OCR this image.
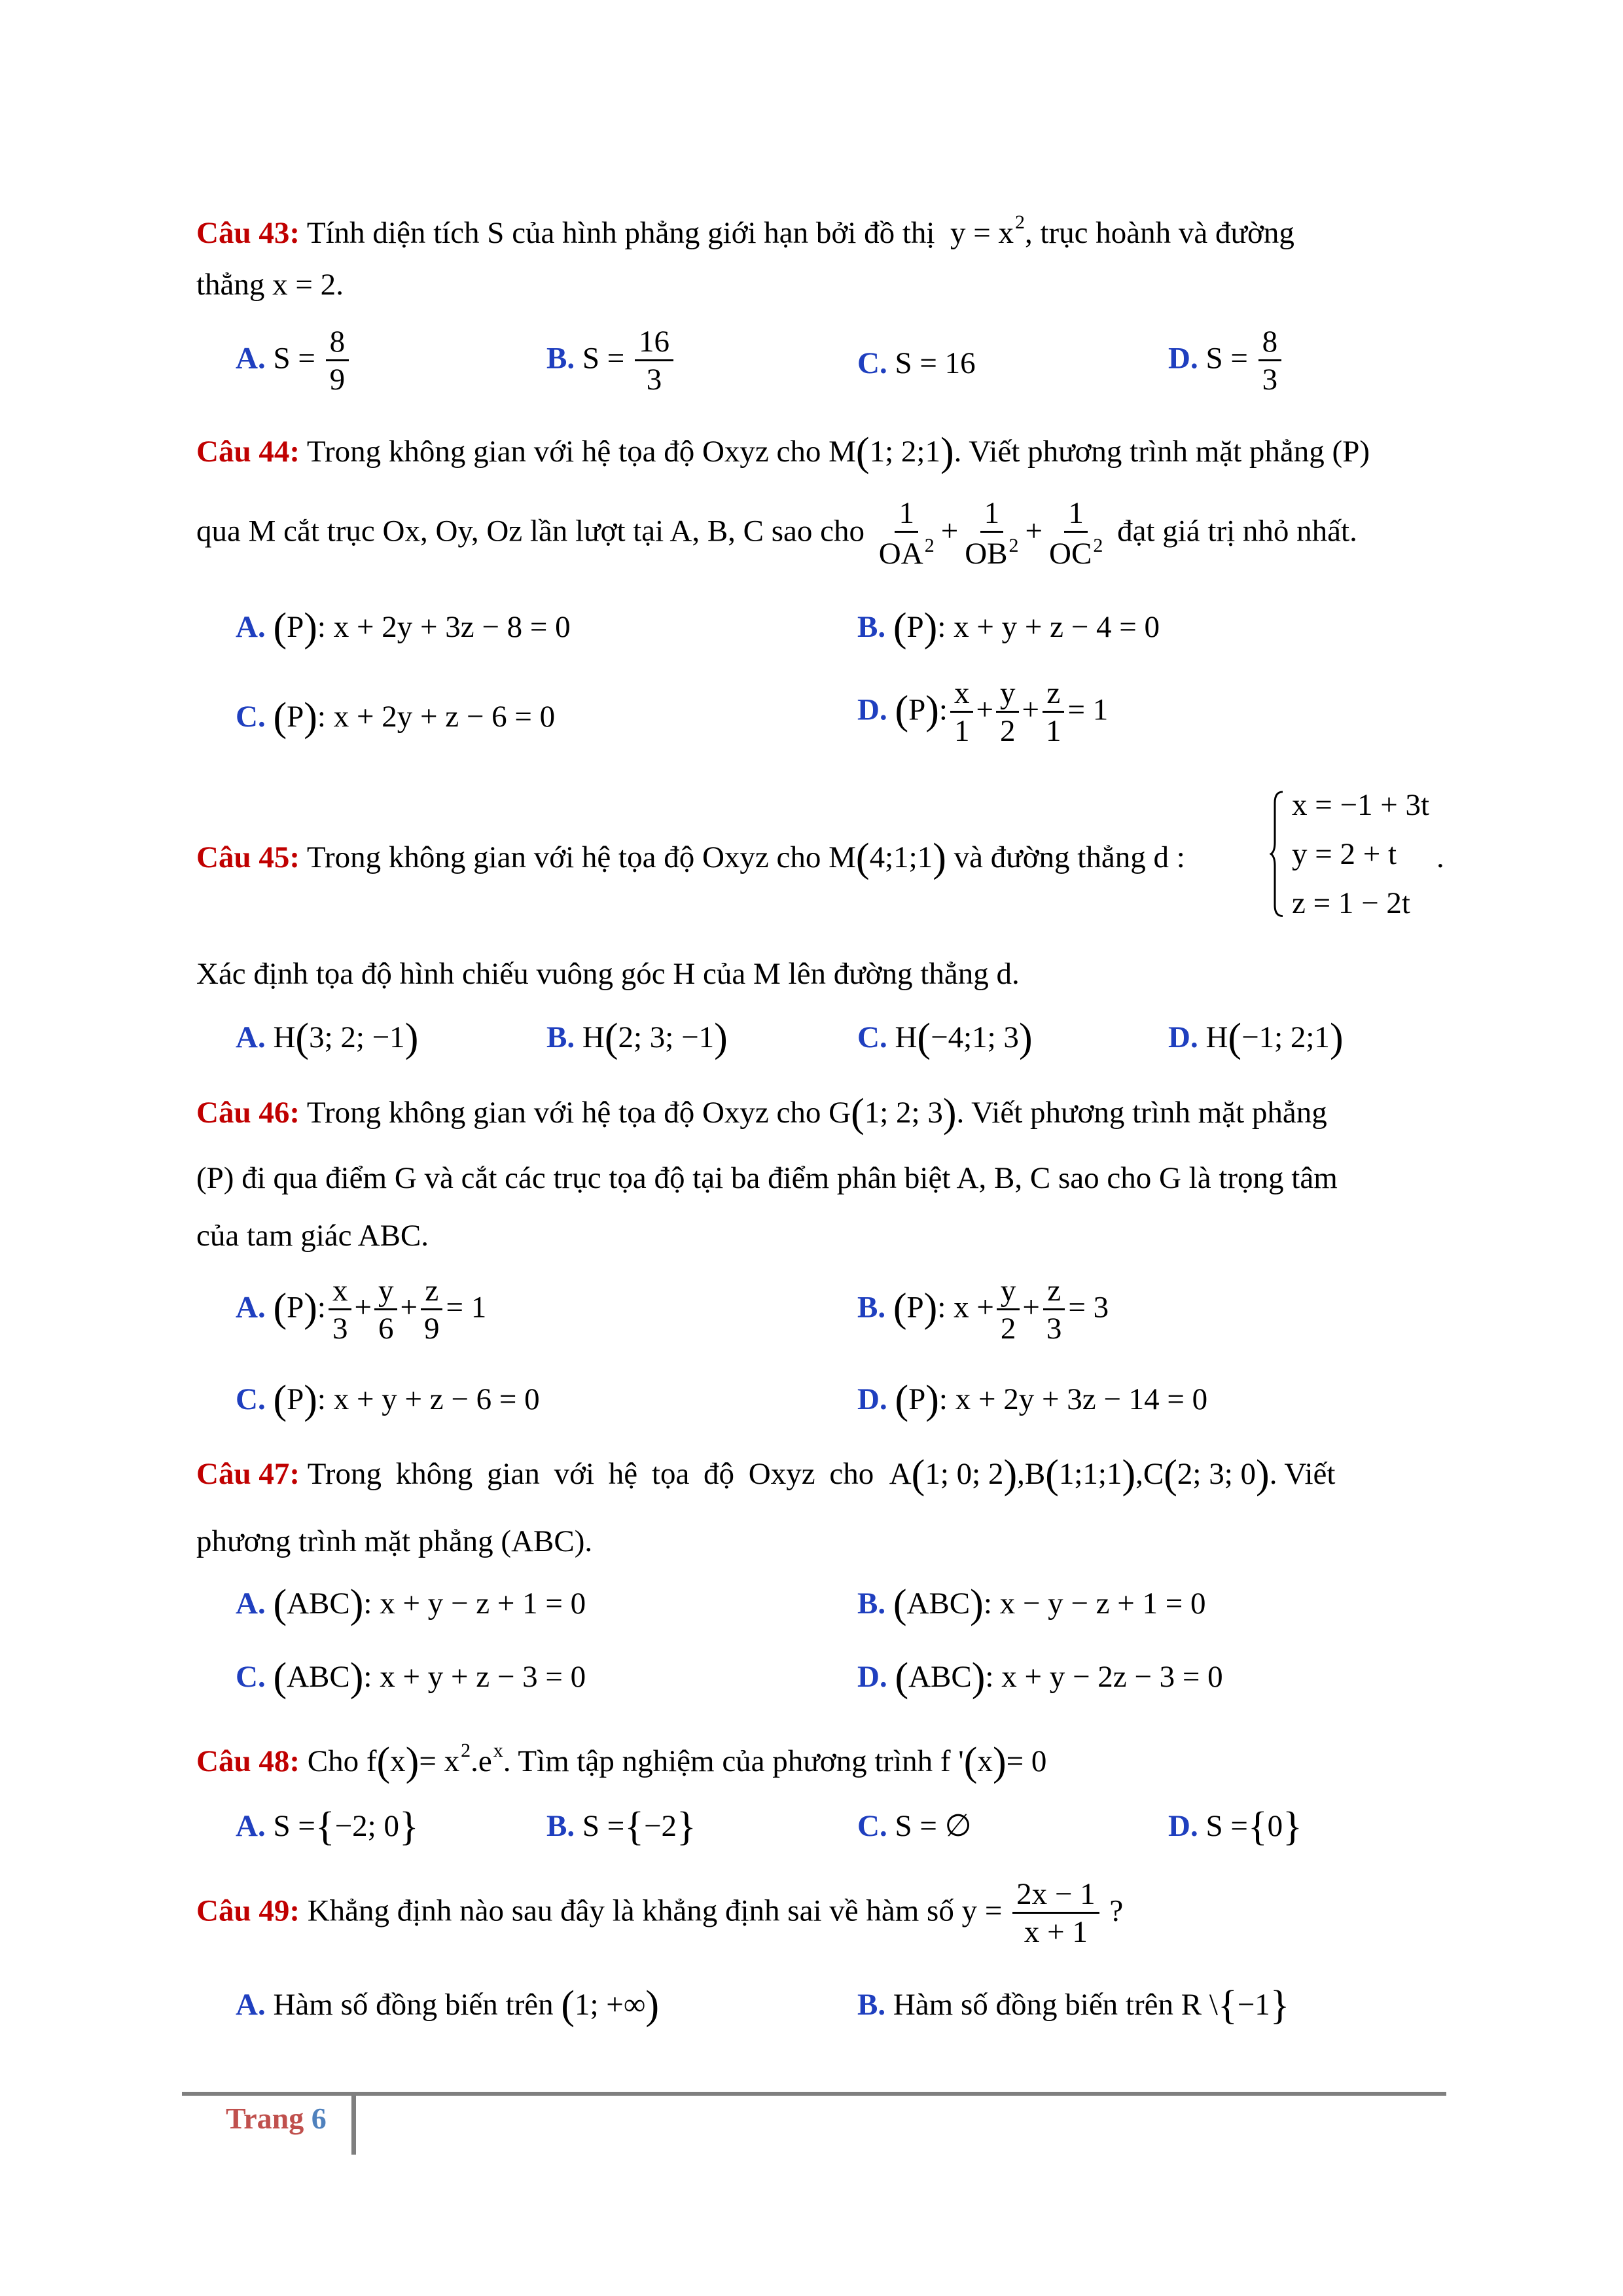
Câu 43: Tính diện tích S của hình phẳng giới hạn bởi đồ thị $y = x^2$, trục hoành và đường
thẳng x = 2.
A. $S = \frac{8}{9}$	B. $S = \frac{16}{3}$	C. S = 16	D. $S = \frac{8}{3}$
Câu 44: Trong không gian với hệ tọa độ Oxyz cho M(1; 2;1). Viết phương trình mặt phẳng (P)
qua M cắt trục Ox, Oy, Oz lần lượt tại A, B, C sao cho $\frac{1}{OA^2} + \frac{1}{OB^2} + \frac{1}{OC^2}$ đạt giá trị nhỏ nhất.
A. (P): x + 2y + 3z − 8 = 0	B. (P): x + y + z − 4 = 0
C. (P): x + 2y + z − 6 = 0	D. (P): $\frac{x}{1} + \frac{y}{2} + \frac{z}{1} = 1$
Câu 45: Trong không gian với hệ tọa độ Oxyz cho M(4;1;1) và đường thẳng d :
x = −1 + 3t
y = 2 + t
z = 1 − 2t
.
Xác định tọa độ hình chiếu vuông góc H của M lên đường thẳng d.
A. H(3; 2; −1)	B. H(2; 3; −1)	C. H(−4;1; 3)	D. H(−1; 2;1)
Câu 46: Trong không gian với hệ tọa độ Oxyz cho G(1; 2; 3). Viết phương trình mặt phẳng
(P) đi qua điểm G và cắt các trục tọa độ tại ba điểm phân biệt A, B, C sao cho G là trọng tâm
của tam giác ABC.
A. (P): $\frac{x}{3} + \frac{y}{6} + \frac{z}{9} = 1$	B. (P): $x + \frac{y}{2} + \frac{z}{3} = 3$
C. (P): x + y + z − 6 = 0	D. (P): x + 2y + 3z − 14 = 0
Câu 47: Trong không gian với hệ tọa độ Oxyz cho A(1; 0; 2),B(1;1;1),C(2; 3; 0). Viết
phương trình mặt phẳng (ABC).
A. (ABC): x + y − z + 1 = 0	B. (ABC): x − y − z + 1 = 0
C. (ABC): x + y + z − 3 = 0	D. (ABC): x + y − 2z − 3 = 0
Câu 48: Cho $f(x)= x^2.e^x$. Tìm tập nghiệm của phương trình f '(x)= 0
A. S ={−2; 0}	B. S ={−2}	C. S = ∅	D. S ={0}
Câu 49: Khẳng định nào sau đây là khẳng định sai về hàm số $y = \frac{2x - 1}{x + 1}$ ?
A. Hàm số đồng biến trên (1; +∞)	B. Hàm số đồng biến trên R \{−1}
Trang 6
